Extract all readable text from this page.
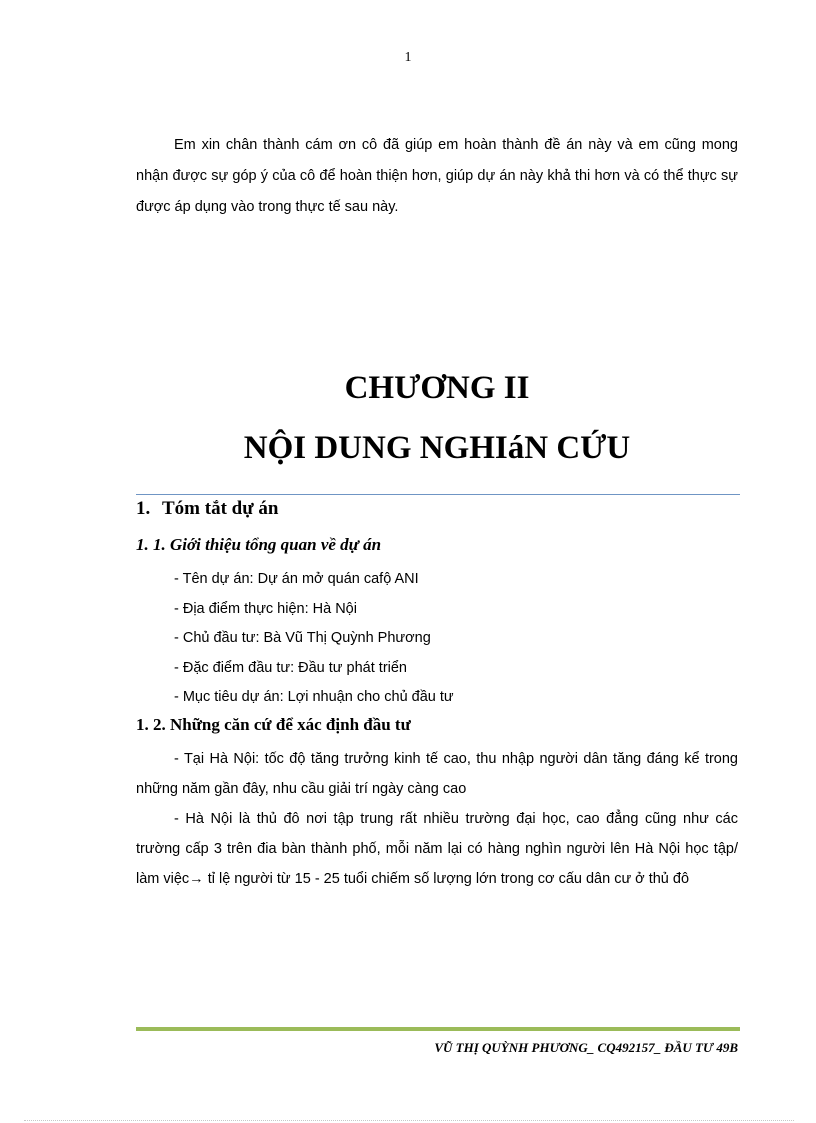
1

Em xin chân thành cám ơn cô đã giúp em hoàn thành đề án này và em cũng mong nhận được sự góp ý của cô để hoàn thiện hơn, giúp dự án này khả thi hơn và có thể thực sự được áp dụng vào trong thực tế sau này.

CHƯƠNG II
NỘI DUNG NGHIáN CỨU
1. Tóm tắt dự án
1. 1. Giới thiệu tổng quan về dự án
- Tên dự án: Dự án mở quán cafộ ANI
- Địa điểm thực hiện: Hà Nội
- Chủ đầu tư: Bà Vũ Thị Quỳnh Phương
- Đặc điểm đầu tư: Đầu tư phát triển
- Mục tiêu dự án: Lợi nhuận cho chủ đầu tư
1. 2. Những căn cứ để xác định đầu tư

- Tại Hà Nội: tốc độ tăng trưởng kinh tế cao, thu nhập người dân tăng đáng kể trong những năm gần đây, nhu cầu giải trí ngày càng cao

- Hà Nội là thủ đô nơi tập trung rất nhiều trường đại học, cao đẳng cũng như các trường cấp 3 trên đia bàn thành phố, mỗi năm lại có hàng nghìn người lên Hà Nội học tập/ làm việc→ tỉ lệ người từ 15 - 25 tuổi chiếm số lượng lớn trong cơ cấu dân cư ở thủ đô

VŨ THỊ QUỲNH PHƯƠNG_ CQ492157_ ĐẦU TƯ 49B
